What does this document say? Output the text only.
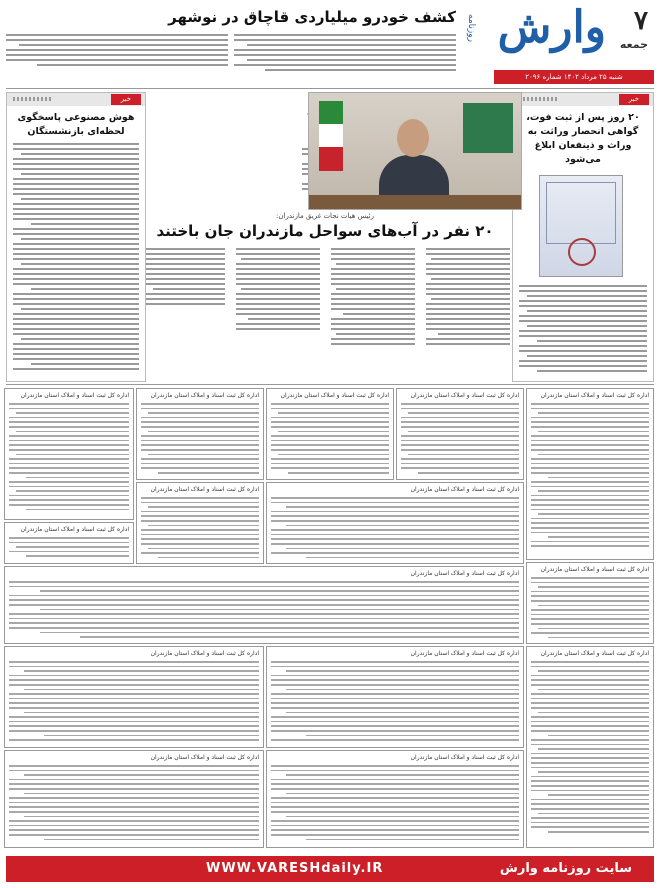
۷
جمعه
وارش
روزنامه
شنبه ۲۵ مرداد ۱۴۰۲ شماره ۲۰۹۶
کشف خودرو میلیاردی قاچاق در نوشهر
خبر
۲۰ روز پس از ثبت فوت، گواهی انحصار وراثت به وراث و ذینفعان ابلاغ می‌شود
رئیس هیات نجات غریق مازندران:
۲۰ نفر در آب‌های سواحل مازندران جان باختند
خبر
هوش مصنوعی پاسخگوی لحظه‌ای بازنشستگان
اداره کل ثبت اسناد و املاک استان مازندران
اداره کل ثبت اسناد و املاک استان مازندران
اداره کل ثبت اسناد و املاک استان مازندران
اداره کل ثبت اسناد و املاک استان مازندران
اداره کل ثبت اسناد و املاک استان مازندران
اداره کل ثبت اسناد و املاک استان مازندران
اداره کل ثبت اسناد و املاک استان مازندران
اداره کل ثبت اسناد و املاک استان مازندران
اداره کل ثبت اسناد و املاک استان مازندران
اداره کل ثبت اسناد و املاک استان مازندران
اداره کل ثبت اسناد و املاک استان مازندران
اداره کل ثبت اسناد و املاک استان مازندران
اداره کل ثبت اسناد و املاک استان مازندران
اداره کل ثبت اسناد و املاک استان مازندران
اداره کل ثبت اسناد و املاک استان مازندران
سایت روزنامه وارش
WWW.VARESHdaily.IR
